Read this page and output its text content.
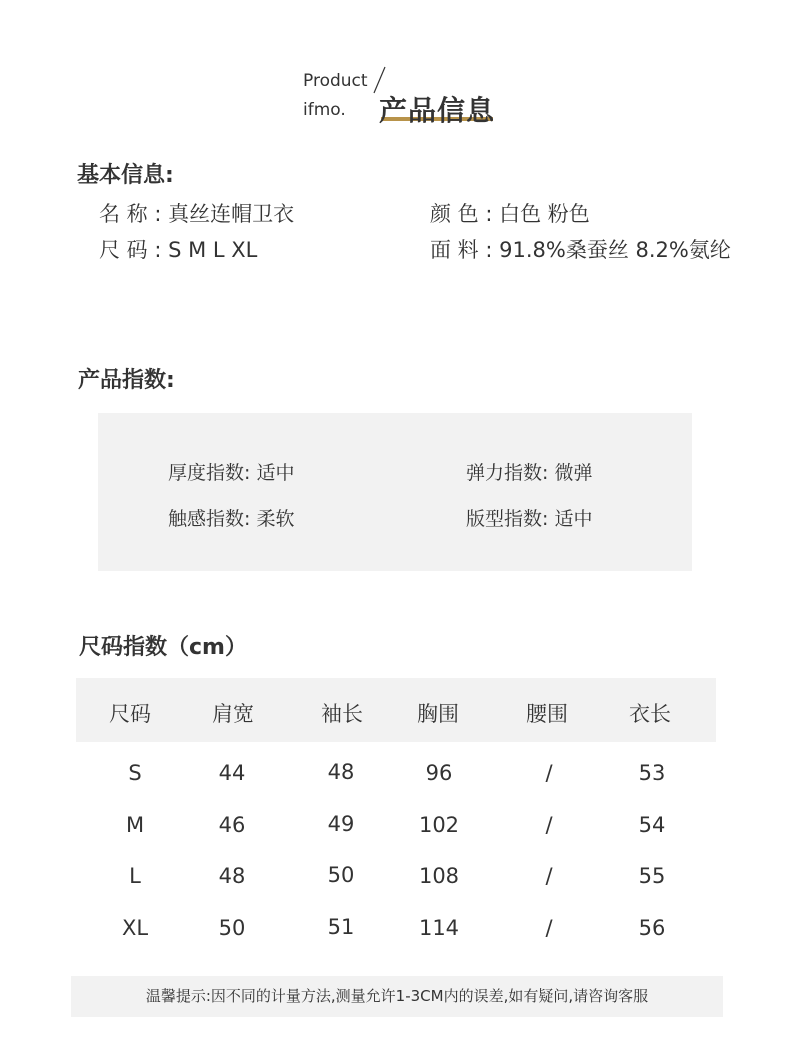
Product
ifmo. 产品信息
基本信息:
名 称 : 真丝连帽卫衣	颜 色 : 白色 粉色
尺 码 : S M L XL	面 料 : 91.8%桑蚕丝 8.2%氨纶
产品指数:
厚度指数: 适中	弹力指数: 微弹
触感指数: 柔软	版型指数: 适中
尺码指数（cm）
尺码	肩宽	袖长	胸围	腰围	衣长
S	44	48	96	/	53
M	46	49	102	/	54
L	48	50	108	/	55
XL	50	51	114	/	56
温馨提示:因不同的计量方法,测量允许1-3CM内的误差,如有疑问,请咨询客服
